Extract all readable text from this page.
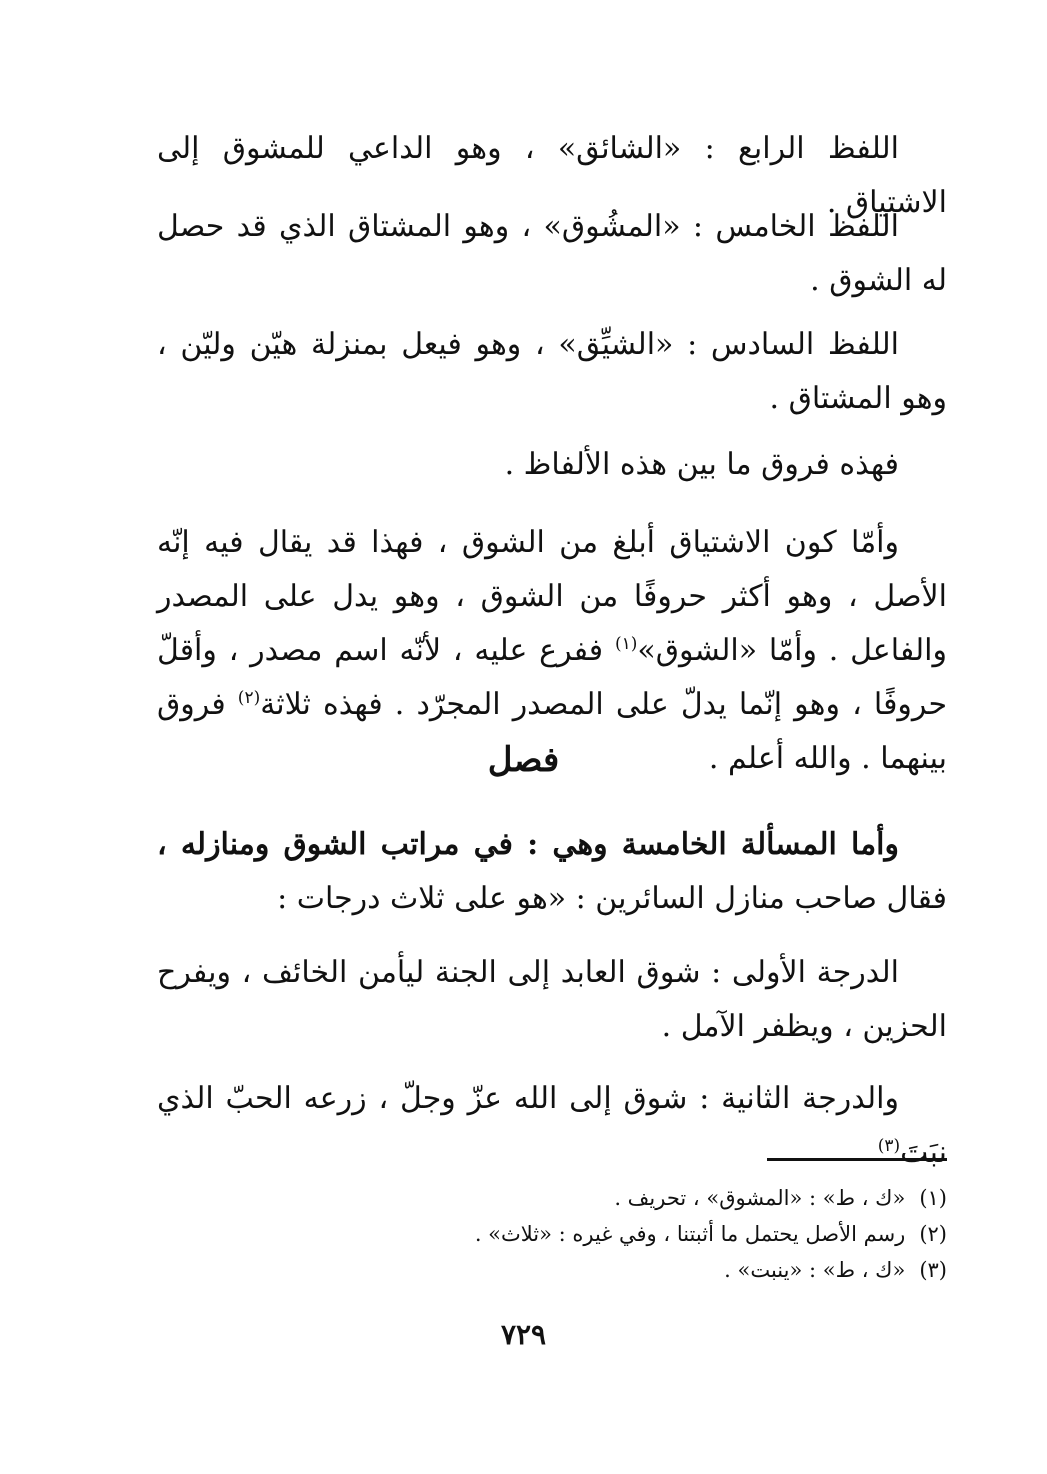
اللفظ الرابع : «الشائق» ، وهو الداعي للمشوق إلى الاشتياق .

اللفظ الخامس : «المشُوق» ، وهو المشتاق الذي قد حصل له الشوق .

اللفظ السادس : «الشيِّق» ، وهو فيعل بمنزلة هيّن وليّن ، وهو المشتاق .

فهذه فروق ما بين هذه الألفاظ .

وأمّا كون الاشتياق أبلغ من الشوق ، فهذا قد يقال فيه إنّه الأصل ، وهو أكثر حروفًا من الشوق ، وهو يدل على المصدر والفاعل . وأمّا «الشوق»$^{(١)}$ ففرع عليه ، لأنّه اسم مصدر ، وأقلّ حروفًا ، وهو إنّما يدلّ على المصدر المجرّد . فهذه ثلاثة$^{(٢)}$ فروق بينهما . والله أعلم .

فصل

وأما المسألة الخامسة وهي : في مراتب الشوق ومنازله ، فقال صاحب منازل السائرين : «هو على ثلاث درجات :

الدرجة الأولى : شوق العابد إلى الجنة ليأمن الخائف ، ويفرح الحزين ، ويظفر الآمل .

والدرجة الثانية : شوق إلى الله عزّ وجلّ ، زرعه الحبّ الذي نبَتَ$^{(٣)}$

(١)«ك ، ط» : «المشوق» ، تحريف .
(٢)رسم الأصل يحتمل ما أثبتنا ، وفي غيره : «ثلاث» .
(٣)«ك ، ط» : «ينبت» .
٧٢٩
